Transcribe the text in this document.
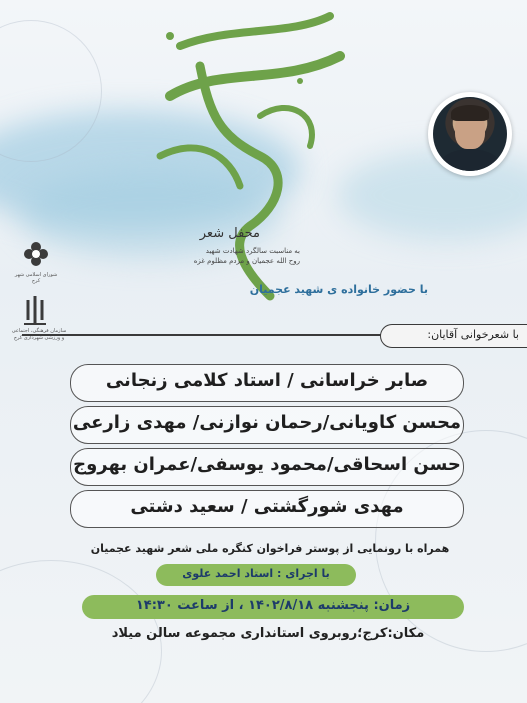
شورای اسلامی شهر کرج
سازمان فرهنگی، اجتماعی و ورزشی شهرداری کرج
محفل شعر
به مناسبت سالگرد شهادت شهید
روح الله عجمیان و مردم مظلوم غزه
با حضور خانواده ی شهید عجمیان
با شعرخوانی آقایان:
صابر خراسانی / استاد کلامی زنجانی
محسن کاویانی/رحمان نوازنی/ مهدی زارعی
حسن اسحاقی/محمود یوسفی/عمران بهروج
مهدی شورگشتی / سعید دشتی
همراه با رونمایی از پوستر فراخوان کنگره ملی شعر شهید عجمیان
با اجرای : استاد احمد علوی
زمان: پنجشنبه ۱۴۰۲/۸/۱۸ ، از ساعت ۱۴:۳۰
مکان:کرج؛روبروی استانداری مجموعه سالن میلاد
